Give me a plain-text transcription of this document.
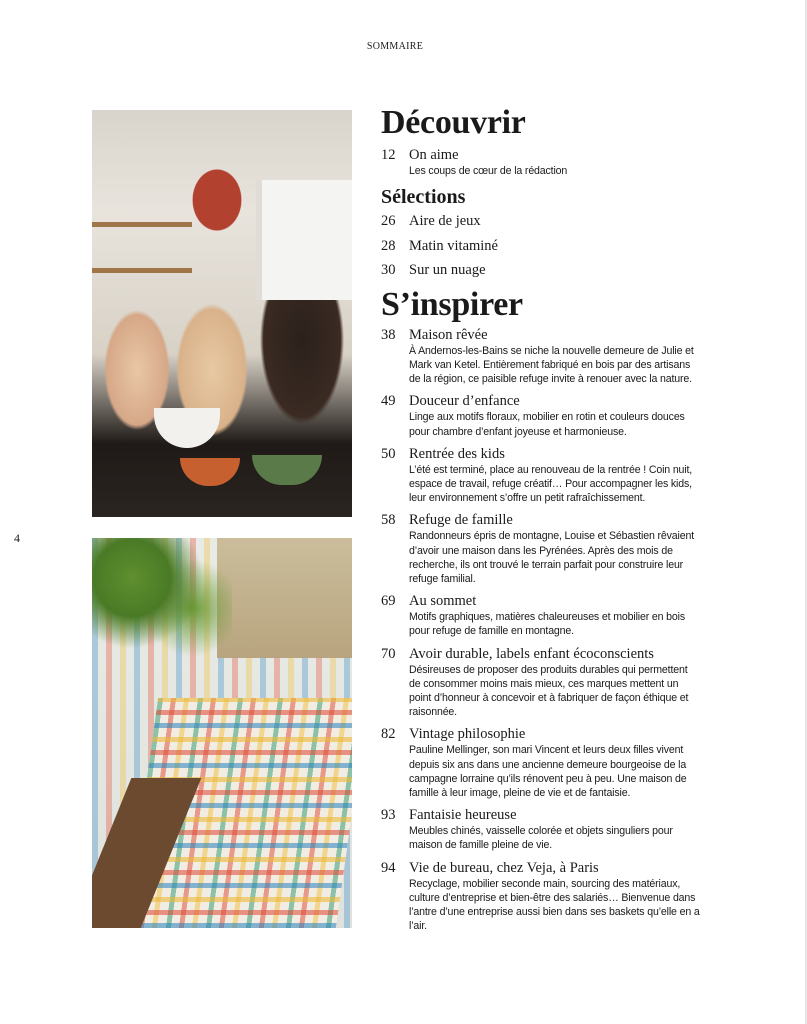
SOMMAIRE
4
Découvrir
12 On aime
Les coups de cœur de la rédaction
Sélections
26 Aire de jeux
28 Matin vitaminé
30 Sur un nuage
S’inspirer
38 Maison rêvée
À Andernos-les-Bains se niche la nouvelle demeure de Julie et Mark van Ketel. Entièrement fabriqué en bois par des artisans de la région, ce paisible refuge invite à renouer avec la nature.
49 Douceur d’enfance
Linge aux motifs floraux, mobilier en rotin et couleurs douces pour chambre d’enfant joyeuse et harmonieuse.
50 Rentrée des kids
L’été est terminé, place au renouveau de la rentrée ! Coin nuit, espace de travail, refuge créatif… Pour accompagner les kids, leur environnement s’offre un petit rafraîchissement.
58 Refuge de famille
Randonneurs épris de montagne, Louise et Sébastien rêvaient d’avoir une maison dans les Pyrénées. Après des mois de recherche, ils ont trouvé le terrain parfait pour construire leur refuge familial.
69 Au sommet
Motifs graphiques, matières chaleureuses et mobilier en bois pour refuge de famille en montagne.
70 Avoir durable, labels enfant écoconscients
Désireuses de proposer des produits durables qui permettent de consommer moins mais mieux, ces marques mettent un point d’honneur à concevoir et à fabriquer de façon éthique et raisonnée.
82 Vintage philosophie
Pauline Mellinger, son mari Vincent et leurs deux filles vivent depuis six ans dans une ancienne demeure bourgeoise de la campagne lorraine qu’ils rénovent peu à peu. Une maison de famille à leur image, pleine de vie et de fantaisie.
93 Fantaisie heureuse
Meubles chinés, vaisselle colorée et objets singuliers pour maison de famille pleine de vie.
94 Vie de bureau, chez Veja, à Paris
Recyclage, mobilier seconde main, sourcing des matériaux, culture d’entreprise et bien-être des salariés… Bienvenue dans l’antre d’une entreprise aussi bien dans ses baskets qu’elle en a l’air.
